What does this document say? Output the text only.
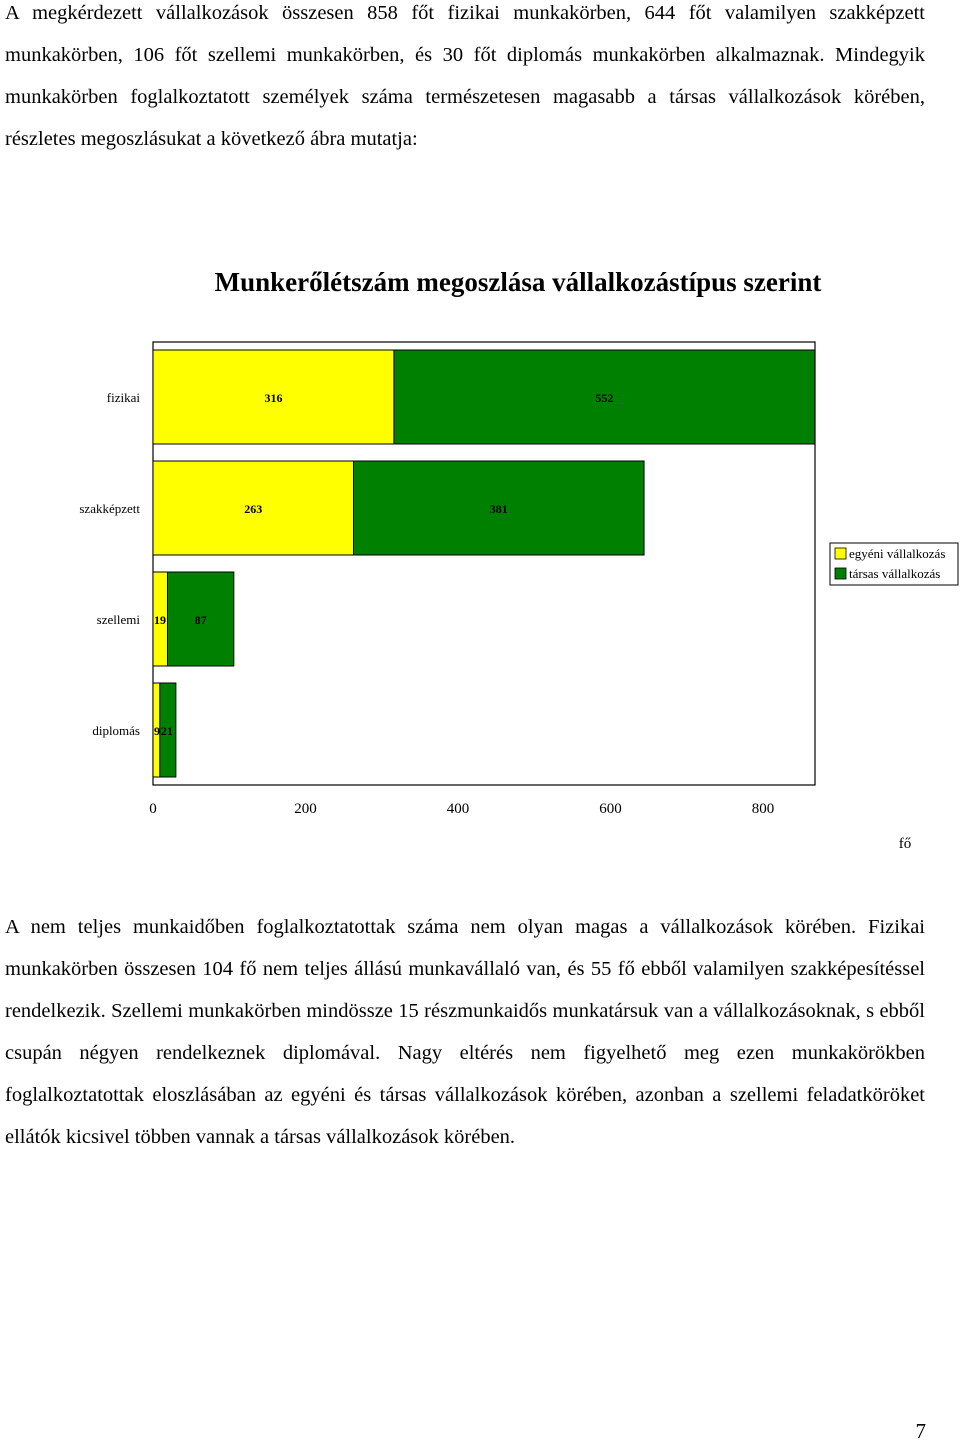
A megkérdezett vállalkozások összesen 858 főt fizikai munkakörben, 644 főt valamilyen szakképzett munkakörben, 106 főt szellemi munkakörben, és 30 főt diplomás munkakörben alkalmaznak. Mindegyik munkakörben foglalkoztatott személyek száma természetesen magasabb a társas vállalkozások körében, részletes megoszlásukat a következő ábra mutatja:

Munkerőlétszám megoszlása vállalkozástípus szerint
fizikai	316	552
szakképzett	263	381
szellemi 19 87
diplomás 9 21
0	200	400	600	800
egyéni vállalkozás
társas vállalkozás
fő

A nem teljes munkaidőben foglalkoztatottak száma nem olyan magas a vállalkozások körében. Fizikai munkakörben összesen 104 fő nem teljes állású munkavállaló van, és 55 fő ebből valamilyen szakképesítéssel rendelkezik. Szellemi munkakörben mindössze 15 részmunkaidős munkatársuk van a vállalkozásoknak, s ebből csupán négyen rendelkeznek diplomával. Nagy eltérés nem figyelhető meg ezen munkakörökben foglalkoztatottak eloszlásában az egyéni és társas vállalkozások körében, azonban a szellemi feladatköröket ellátók kicsivel többen vannak a társas vállalkozások körében.

7
